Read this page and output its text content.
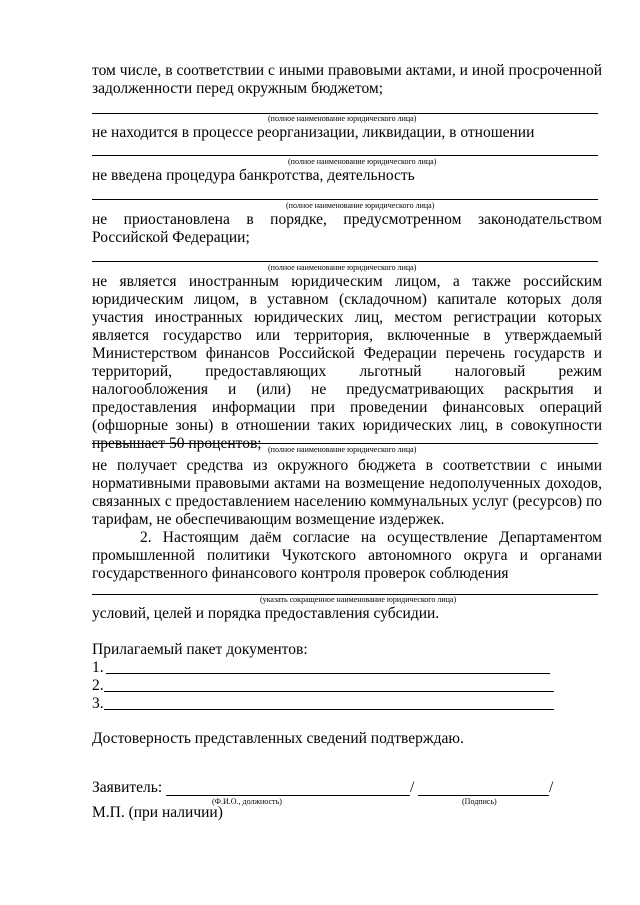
том числе, в соответствии с иными правовыми актами, и иной просроченной задолженности перед окружным бюджетом;

(полное наименование юридического лица)

не находится в процессе реорганизации, ликвидации, в отношении

(полное наименование юридического лица)

не введена процедура банкротства, деятельность

(полное наименование юридического лица)

не приостановлена в порядке, предусмотренном законодательством Российской Федерации;

(полное наименование юридического лица)

не является иностранным юридическим лицом, а также российским юридическим лицом, в уставном (складочном) капитале которых доля участия иностранных юридических лиц, местом регистрации которых является государство или территория, включенные в утверждаемый Министерством финансов Российской Федерации перечень государств и территорий, предоставляющих льготный налоговый режим налогообложения и (или) не предусматривающих раскрытия и предоставления информации при проведении финансовых операций (офшорные зоны) в отношении таких юридических лиц, в совокупности превышает 50 процентов; (полное наименование юридического лица)

не получает средства из окружного бюджета в соответствии с иными нормативными правовыми актами на возмещение недополученных доходов, связанных с предоставлением населению коммунальных услуг (ресурсов) по тарифам, не обеспечивающим возмещение издержек.

2. Настоящим даём согласие на осуществление Департаментом промышленной политики Чукотского автономного округа и органами государственного финансового контроля проверок соблюдения

(указать сокращенное наименование юридического лица)

условий, целей и порядка предоставления субсидии.

Прилагаемый пакет документов:
1.
2.
3.
Достоверность представленных сведений подтверждаю.
Заявитель:	/	/
(Ф.И.О., должность)	(Подпись)
М.П. (при наличии)
